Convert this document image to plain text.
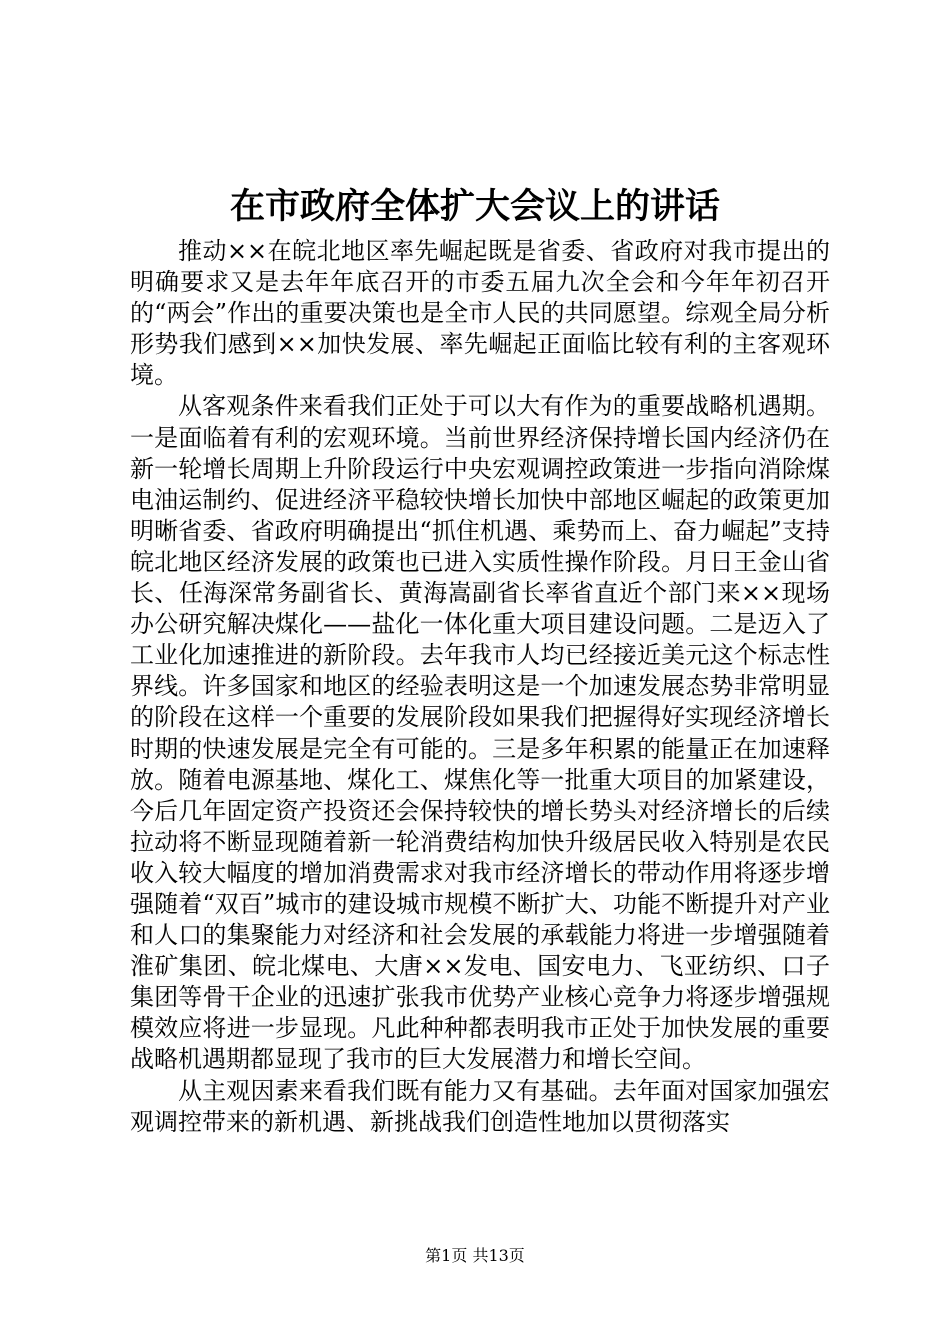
在市政府全体扩大会议上的讲话

推动××在皖北地区率先崛起既是省委、省政府对我市提出的明确要求又是去年年底召开的市委五届九次全会和今年年初召开的“两会”作出的重要决策也是全市人民的共同愿望。综观全局分析形势我们感到××加快发展、率先崛起正面临比较有利的主客观环境。

从客观条件来看我们正处于可以大有作为的重要战略机遇期。一是面临着有利的宏观环境。当前世界经济保持增长国内经济仍在新一轮增长周期上升阶段运行中央宏观调控政策进一步指向消除煤电油运制约、促进经济平稳较快增长加快中部地区崛起的政策更加明晰省委、省政府明确提出“抓住机遇、乘势而上、奋力崛起”支持皖北地区经济发展的政策也已进入实质性操作阶段。月日王金山省长、任海深常务副省长、黄海嵩副省长率省直近个部门来××现场办公研究解决煤化——盐化一体化重大项目建设问题。二是迈入了工业化加速推进的新阶段。去年我市人均已经接近美元这个标志性界线。许多国家和地区的经验表明这是一个加速发展态势非常明显的阶段在这样一个重要的发展阶段如果我们把握得好实现经济增长时期的快速发展是完全有可能的。三是多年积累的能量正在加速释放。随着电源基地、煤化工、煤焦化等一批重大项目的加紧建设，今后几年固定资产投资还会保持较快的增长势头对经济增长的后续拉动将不断显现随着新一轮消费结构加快升级居民收入特别是农民收入较大幅度的增加消费需求对我市经济增长的带动作用将逐步增强随着“双百”城市的建设城市规模不断扩大、功能不断提升对产业和人口的集聚能力对经济和社会发展的承载能力将进一步增强随着淮矿集团、皖北煤电、大唐××发电、国安电力、飞亚纺织、口子集团等骨干企业的迅速扩张我市优势产业核心竞争力将逐步增强规模效应将进一步显现。凡此种种都表明我市正处于加快发展的重要战略机遇期都显现了我市的巨大发展潜力和增长空间。

从主观因素来看我们既有能力又有基础。去年面对国家加强宏观调控带来的新机遇、新挑战我们创造性地加以贯彻落实

第1页 共13页
